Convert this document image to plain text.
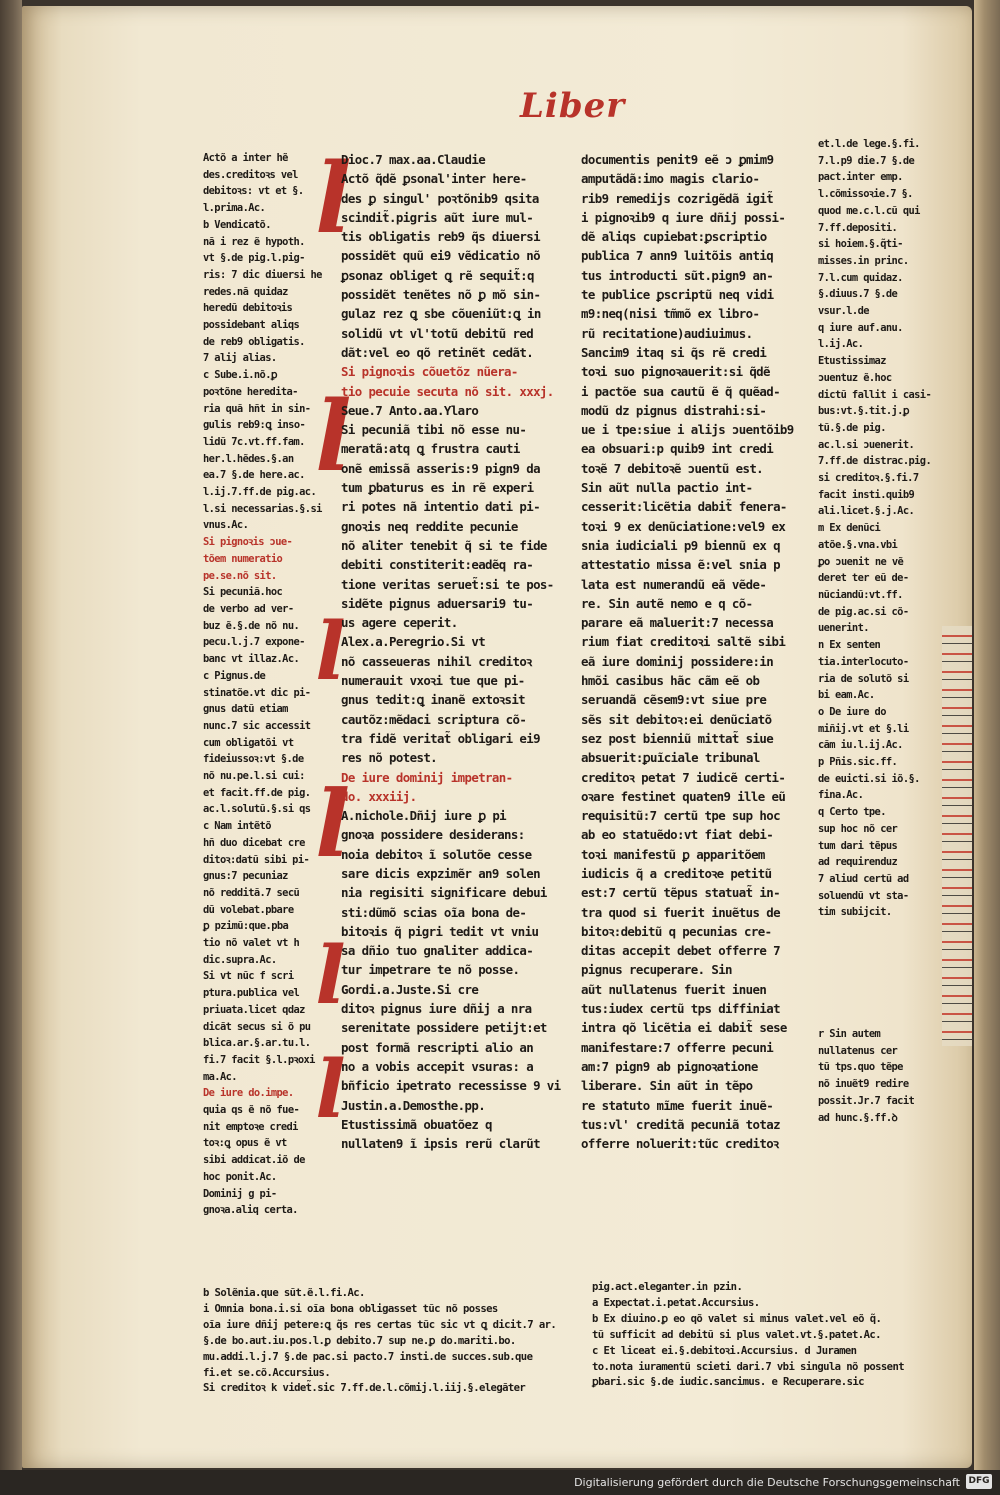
Liber
ꞁ
ꞁ
ꞁ
ꞁ
ꞁ
ꞁ

Actõ a inter hẽ

des.creditoꝛs vel

debitoꝛs: vt et §.

l.prima.Ac.

b Vendicatõ.

nã i rez ẽ hypoth.

vt §.de pig.l.pig-

ris: 7 dic diuersi he

redes.nã quidaz

heredũ debitoꝛis

possidebant aliqs

de reb9 obligatis.

7 alij alias.

c Sube.i.nõ.ꝑ

poꝛtõne heredita-

ria quã hñt in sin-

gulis reb9:ꝗ inso-

lidũ 7c.vt.ff.fam.

her.l.hẽdes.§.an

ea.7 §.de here.ac.

l.ij.7.ff.de pig.ac.

l.si necessarias.§.si

vnus.Ac.

Si pignoꝛis ɔue-

tõem numeratio

pe.se.nõ sit.

Si pecuniã.hoc

de verbo ad ver-

buz ẽ.§.de nõ nu.

pecu.l.j.7 expone-

banc vt illaz.Ac.

c Pignus.de

stinatõe.vt dic pi-

gnus datũ etiam

nunc.7 sic accessit

cum obligatõi vt

fideiussoꝛ:vt §.de

nõ nu.pe.l.si cui:

et facit.ff.de pig.

ac.l.solutũ.§.si qs

c Nam intẽtõ

hñ duo dicebat cre

ditoꝛ:datũ sibi pi-

gnus:7 pecuniaz

nõ redditã.7 secũ

dũ volebat.pbare

ꝑ pzimũ:que.pba

tio nõ valet vt h

dic.supra.Ac.

Si vt nũc f scri

ptura.publica vel

priuata.licet qdaz

dicãt secus si õ pu

blica.ar.§.ar.tu.l.

fi.7 facit §.l.pꝛoxi

ma.Ac.

De iure do.impe.

quia qs ẽ nõ fue-

nit emptoꝛe credi

toꝛ:ꝗ opus ẽ vt

sibi addicat.iõ de

hoc ponit.Ac.

Dominij g pi-

gnoꝛa.aliq certa.

Dioc.7 max.aa.Claudie

Actõ q̃dẽ ꝑsonal'inter here-

des ꝑ singul' poꝛtõnib9 qsita

scindit̃.pigris aũt iure mul-

tis obligatis reb9 q̃s diuersi

possidẽt quũ ei9 vẽdicatio nõ

ꝑsonaz obliget ꝗ rẽ sequit̃:q

possidẽt tenẽtes nõ ꝑ mõ sin-

gulaz rez ꝗ sbe cõueniũt:ꝗ in

solidũ vt vl'totũ debitũ red

dãt:vel eo qõ retinẽt cedãt.

Si pignoꝛis cõuetõz nũera-

tio pecuie secuta nõ sit. xxxj.

Seue.7 Anto.aa.Ylaro

Si pecuniã tibi nõ esse nu-

meratã:atq ꝗ frustra cauti

onẽ emissã asseris:9 pign9 da

tum ꝑbaturus es in rẽ experi

ri potes nã intentio dati pi-

gnoꝛis neq reddite pecunie

nõ aliter tenebit q̃ si te fide

debiti constiterit:eadẽq ra-

tione veritas seruet̃:si te pos-

sidẽte pignus aduersari9 tu-

us agere ceperit.

Alex.a.Peregrio.Si vt

nõ casseueras nihil creditoꝛ

numerauit vxoꝛi tue que pi-

gnus tedit:ꝗ inanẽ extoꝛsit

cautõz:mẽdaci scriptura cõ-

tra fidẽ veritat̃ obligari ei9

res nõ potest.

De iure dominij impetran-

do. xxxiij.

A.nichole.Dñij iure ꝑ pi

gnoꝛa possidere desiderans:

noia debitoꝛ ĩ solutõe cesse

sare dicis expzimẽr an9 solen

nia regisiti significare debui

sti:dũmõ scias oĩa bona de-

bitoꝛis q̃ pigri tedit vt vniu

sa dñio tuo gnaliter addica-

tur impetrare te nõ posse.

Gordi.a.Juste.Si cre

ditoꝛ pignus iure dñij a nra

serenitate possidere petijt:et

post formã rescripti alio an

no a vobis accepit vsuras: a

bñficio ipetrato recessisse 9 vi

Justin.a.Demosthe.pp.

Etustissimã obuatõez q

nullaten9 ĩ ipsis rerũ clarũt

documentis penit9 eẽ ɔ ꝑmim9

amputãdã:imo magis clario-

rib9 remedijs cozrigẽdã igit̃

i pignoꝛib9 q iure dñij possi-

dẽ aliqs cupiebat:ꝑscriptio

publica 7 ann9 luitõis antiq

tus introducti sũt.pign9 an-

te publice ꝑscriptũ neq vidi

m9:neq(nisi tm̃mõ ex libro-

rũ recitatione)audiuimus.

Sancim9 itaq si q̃s rẽ credi

toꝛi suo pignoꝛauerit:si q̃dẽ

i pactõe sua cautũ ẽ q̃ quẽad-

modũ dz pignus distrahi:si-

ue i tpe:siue i alijs ɔuentõib9

ea obsuari:p quib9 int credi

toꝛẽ 7 debitoꝛẽ ɔuentũ est.

Sin aũt nulla pactio int-

cesserit:licẽtia dabit̃ fenera-

toꝛi 9 ex denũciatione:vel9 ex

snia iudiciali p9 biennũ ex q

attestatio missa ẽ:vel snia p

lata est numerandũ eã vẽde-

re. Sin autẽ nemo e q cõ-

parare eã maluerit:7 necessa

rium fiat creditoꝛi saltẽ sibi

eã iure dominij possidere:in

hmõi casibus hãc cãm eẽ ob

seruandã cẽsem9:vt siue pre

sẽs sit debitoꝛ:ei denũciatõ

sez post bienniũ mittat̃ siue

absuerit:ꝑuĩciale tribunal

creditoꝛ petat 7 iudicẽ certi-

oꝛare festinet quaten9 ille eũ

requisitũ:7 certũ tpe sup hoc

ab eo statuẽdo:vt fiat debi-

toꝛi manifestũ ꝑ apparitõem

iudicis q̃ a creditoꝛe petitũ

est:7 certũ tẽpus statuat̃ in-

tra quod si fuerit inuẽtus de

bitoꝛ:debitũ q pecunias cre-

ditas accepit debet offerre 7

pignus recuperare. Sin

aũt nullatenus fuerit inuen

tus:iudex certũ tps diffiniat

intra qõ licẽtia ei dabit̃ sese

manifestare:7 offerre pecuni

am:7 pign9 ab pignoꝛatione

liberare. Sin aũt in tẽpo

re statuto mĩme fuerit inuẽ-

tus:vl' creditã pecuniã totaz

offerre noluerit:tũc creditoꝛ

et.l.de lege.§.fi.

7.l.p9 die.7 §.de

pact.inter emp.

l.cõmissoꝛie.7 §.

quod me.c.l.cũ qui

7.ff.depositi.

si hoiem.§.q̃ti-

misses.in princ.

7.l.cum quidaz.

§.diuus.7 §.de

vsur.l.de

q iure auf.anu.

l.ij.Ac.

Etustissimaz

ɔuentuz ẽ.hoc

dictũ fallit i casi-

bus:vt.§.tit.j.ꝑ

tũ.§.de pig.

ac.l.si ɔuenerit.

7.ff.de distrac.pig.

si creditoꝛ.§.fi.7

facit insti.quib9

ali.licet.§.j.Ac.

m Ex denũci

atõe.§.vna.vbi

ꝑo ɔuenit ne vẽ

deret ter eũ de-

nũciandũ:vt.ff.

de pig.ac.si cõ-

uenerint.

n Ex senten

tia.interlocuto-

ria de solutõ si

bi eam.Ac.

o De iure do

miñij.vt et §.li

cãm iu.l.ij.Ac.

p Pñis.sic.ff.

de euicti.si iõ.§.

fina.Ac.

q Certo tpe.

sup hoc nõ cer

tum dari tẽpus

ad requirenduz

7 aliud certũ ad

soluendũ vt sta-

tim subijcit.

r Sin autem

nullatenus cer

tũ tps.quo tẽpe

nõ inuẽt9 redire

possit.Jr.7 facit

ad hunc.§.ff.ꝺ

b Solẽnia.que sũt.ẽ.l.fi.Ac.

i Omnia bona.i.si oĩa bona obligasset tũc nõ posses

oĩa iure dñij petere:ꝗ q̃s res certas tũc sic vt ꝗ dicit.7 ar.

§.de bo.aut.iu.pos.l.ꝑ debito.7 sup ne.ꝑ do.mariti.bo.

mu.addi.l.j.7 §.de pac.si pacto.7 insti.de succes.sub.que

fi.et se.cõ.Accursius.

Si creditoꝛ k videt̃.sic 7.ff.de.l.cõmij.l.iij.§.elegãter

pig.act.eleganter.in pzin.

a Expectat.i.petat.Accursius.

b Ex diuino.ꝑ eo qõ valet si minus valet.vel eõ q̃.

tũ sufficit ad debitũ si plus valet.vt.§.patet.Ac.

c Et liceat ei.§.debitoꝛi.Accursius. d Juramen

to.nota iuramentũ scieti dari.7 vbi singula nõ possent

ꝑbari.sic §.de iudic.sancimus. e Recuperare.sic

Digitalisierung gefördert durch die Deutsche Forschungsgemeinschaft DFG
